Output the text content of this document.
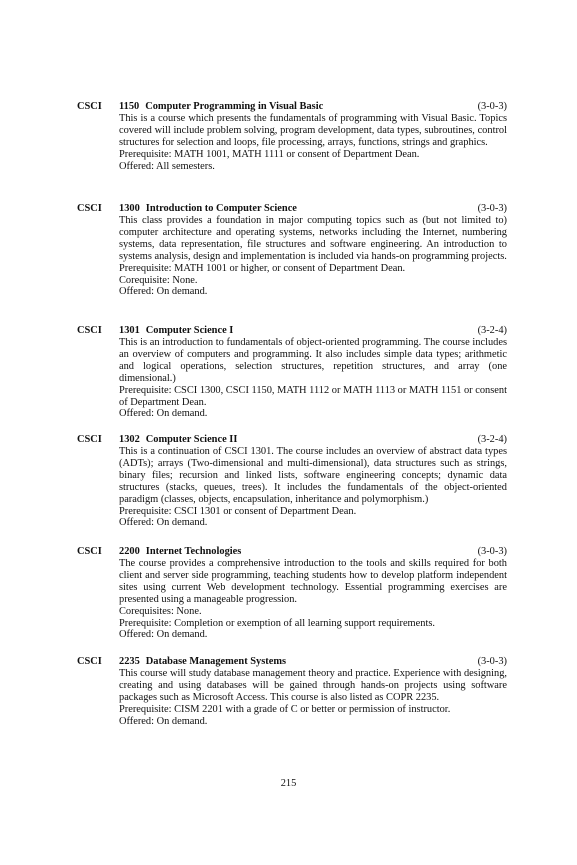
CSCI 1150 Computer Programming in Visual Basic	(3-0-3)

This is a course which presents the fundamentals of programming with Visual Basic. Topics covered will include problem solving, program development, data types, subroutines, control structures for selection and loops, file processing, arrays, functions, strings and graphics.

Prerequisite: MATH 1001, MATH 1111 or consent of Department Dean.

Offered: All semesters.

CSCI 1300 Introduction to Computer Science	(3-0-3)

This class provides a foundation in major computing topics such as (but not limited to) computer architecture and operating systems, networks including the Internet, numbering systems, data representation, file structures and software engineering. An introduction to systems analysis, design and implementation is included via hands-on programming projects.

Prerequisite: MATH 1001 or higher, or consent of Department Dean.

Corequisite: None.

Offered: On demand.

CSCI 1301 Computer Science I	(3-2-4)

This is an introduction to fundamentals of object-oriented programming. The course includes an overview of computers and programming. It also includes simple data types; arithmetic and logical operations, selection structures, repetition structures, and array (one dimensional.)

Prerequisite: CSCI 1300, CSCI 1150, MATH 1112 or MATH 1113 or MATH 1151 or consent of Department Dean.

Offered: On demand.

CSCI 1302 Computer Science II	(3-2-4)

This is a continuation of CSCI 1301. The course includes an overview of abstract data types (ADTs); arrays (Two-dimensional and multi-dimensional), data structures such as strings, binary files; recursion and linked lists, software engineering concepts; dynamic data structures (stacks, queues, trees). It includes the fundamentals of the object-oriented paradigm (classes, objects, encapsulation, inheritance and polymorphism.)

Prerequisite: CSCI 1301 or consent of Department Dean.

Offered: On demand.

CSCI 2200 Internet Technologies	(3-0-3)

The course provides a comprehensive introduction to the tools and skills required for both client and server side programming, teaching students how to develop platform independent sites using current Web development technology. Essential programming exercises are presented using a manageable progression.

Corequisites: None.

Prerequisite: Completion or exemption of all learning support requirements.

Offered: On demand.

CSCI 2235 Database Management Systems	(3-0-3)

This course will study database management theory and practice. Experience with designing, creating and using databases will be gained through hands-on projects using software packages such as Microsoft Access. This course is also listed as COPR 2235.

Prerequisite: CISM 2201 with a grade of C or better or permission of instructor.

Offered: On demand.

215
